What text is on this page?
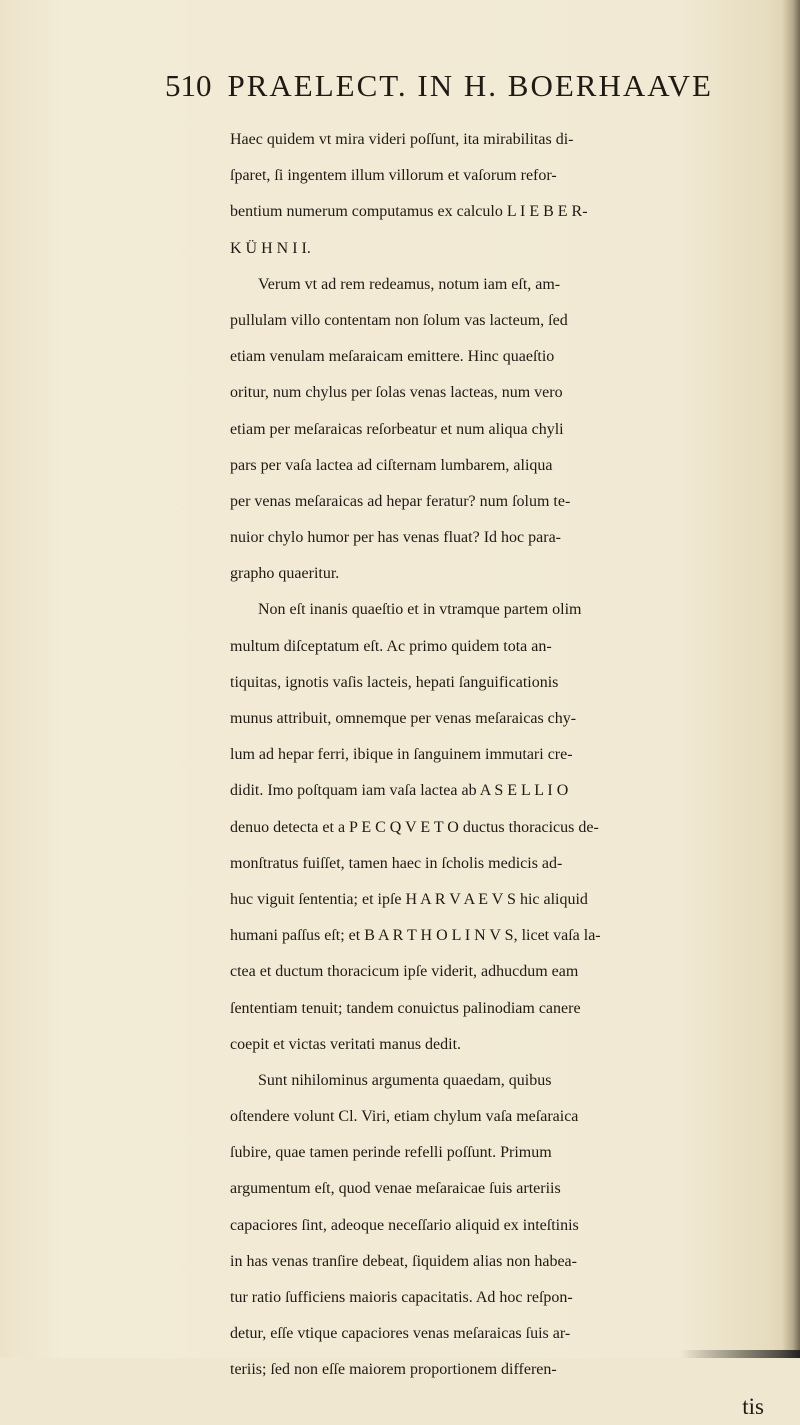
510 PRAELECT. IN H. BOERHAAVE
Haec quidem vt mira videri poſſunt, ita mirabilitas di-
ſparet, ſi ingentem illum villorum et vaſorum refor-
bentium numerum computamus ex calculo L I E B E R-
K Ü H N I I.
Verum vt ad rem redeamus, notum iam eſt, am-
pullulam villo contentam non ſolum vas lacteum, ſed
etiam venulam meſaraicam emittere. Hinc quaeſtio
oritur, num chylus per ſolas venas lacteas, num vero
etiam per meſaraicas reſorbeatur et num aliqua chyli
pars per vaſa lactea ad ciſternam lumbarem, aliqua
per venas meſaraicas ad hepar feratur? num ſolum te-
nuior chylo humor per has venas fluat? Id hoc para-
grapho quaeritur.
Non eſt inanis quaeſtio et in vtramque partem olim
multum diſceptatum eſt. Ac primo quidem tota an-
tiquitas, ignotis vaſis lacteis, hepati ſanguificationis
munus attribuit, omnemque per venas meſaraicas chy-
lum ad hepar ferri, ibique in ſanguinem immutari cre-
didit. Imo poſtquam iam vaſa lactea ab A S E L L I O
denuo detecta et a P E C Q V E T O ductus thoracicus de-
monſtratus fuiſſet, tamen haec in ſcholis medicis ad-
huc viguit ſententia; et ipſe H A R V A E V S hic aliquid
humani paſſus eſt; et B A R T H O L I N V S, licet vaſa la-
ctea et ductum thoracicum ipſe viderit, adhucdum eam
ſententiam tenuit; tandem conuictus palinodiam canere
coepit et victas veritati manus dedit.
Sunt nihilominus argumenta quaedam, quibus
oſtendere volunt Cl. Viri, etiam chylum vaſa meſaraica
ſubire, quae tamen perinde refelli poſſunt. Primum
argumentum eſt, quod venae meſaraicae ſuis arteriis
capaciores ſint, adeoque neceſſario aliquid ex inteſtinis
in has venas tranſire debeat, ſiquidem alias non habea-
tur ratio ſufficiens maioris capacitatis. Ad hoc reſpon-
detur, eſſe vtique capaciores venas meſaraicas ſuis ar-
teriis; ſed non eſſe maiorem proportionem differen-
tis
